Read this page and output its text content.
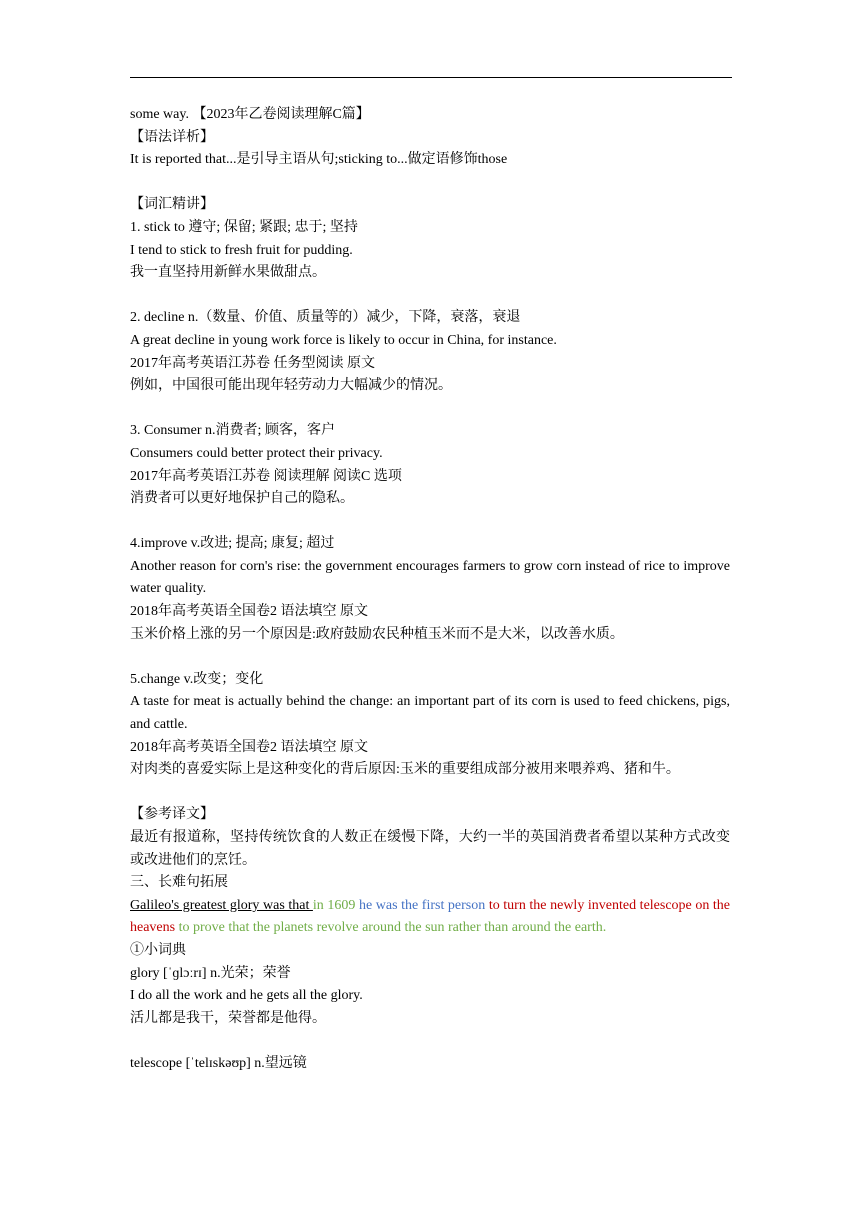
some way. 【2023年乙卷阅读理解C篇】
【语法详析】
It is reported that...是引导主语从句;sticking to...做定语修饰those
【词汇精讲】
1. stick to 遵守; 保留; 紧跟; 忠于; 坚持
I tend to stick to fresh fruit for pudding.
我一直坚持用新鲜水果做甜点。
2. decline n.（数量、价值、质量等的）减少，下降，衰落，衰退
A great decline in young work force is likely to occur in China, for instance.
2017年高考英语江苏卷 任务型阅读 原文
例如，中国很可能出现年轻劳动力大幅减少的情况。
3. Consumer n.消费者; 顾客，客户
Consumers could better protect their privacy.
2017年高考英语江苏卷 阅读理解 阅读C 选项
消费者可以更好地保护自己的隐私。
4.improve v.改进; 提高; 康复; 超过
Another reason for corn's rise: the government encourages farmers to grow corn instead of rice to improve water quality.
2018年高考英语全国卷2 语法填空 原文
玉米价格上涨的另一个原因是:政府鼓励农民种植玉米而不是大米，以改善水质。
5.change v.改变；变化
A taste for meat is actually behind the change: an important part of its corn is used to feed chickens, pigs, and cattle.
2018年高考英语全国卷2 语法填空 原文
对肉类的喜爱实际上是这种变化的背后原因:玉米的重要组成部分被用来喂养鸡、猪和牛。
【参考译文】
最近有报道称，坚持传统饮食的人数正在缓慢下降，大约一半的英国消费者希望以某种方式改变或改进他们的烹饪。
三、长难句拓展
Galileo's greatest glory was that in 1609 he was the first person to turn the newly invented telescope on the heavens to prove that the planets revolve around the sun rather than around the earth.
①小词典
glory [ˈɡlɔːrɪ] n.光荣；荣誉
I do all the work and he gets all the glory.
活儿都是我干，荣誉都是他得。
telescope [ˈtelɪskəʊp] n.望远镜
